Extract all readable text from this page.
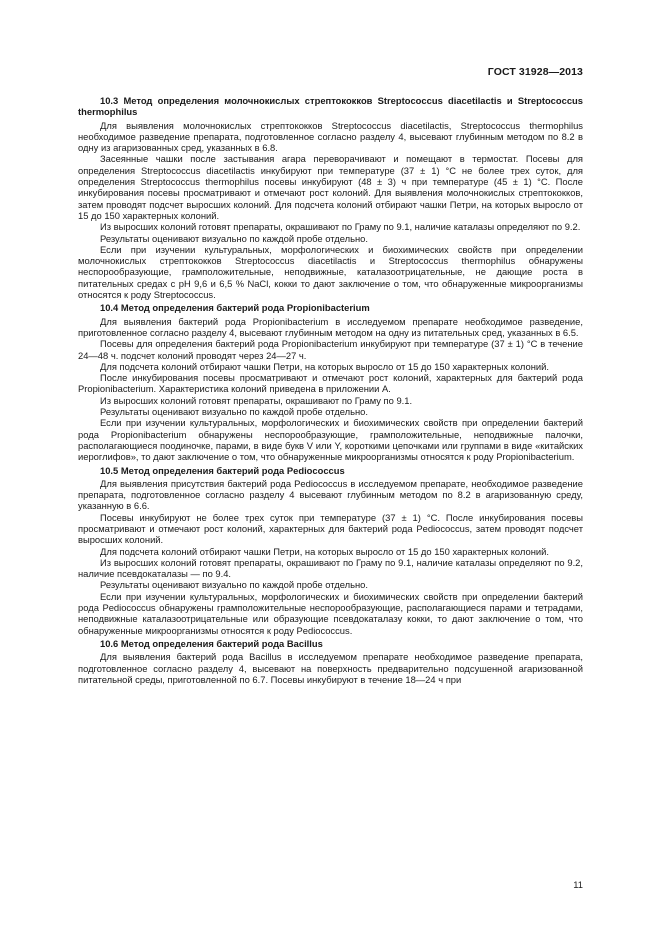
ГОСТ 31928—2013

10.3 Метод определения молочнокислых стрептококков Streptococcus diacetilactis и Streptococcus thermophilus

Для выявления молочнокислых стрептококков Streptococcus diacetilactis, Streptococcus thermophilus необходимое разведение препарата, подготовленное согласно разделу 4, высевают глубинным методом по 8.2 в одну из агаризованных сред, указанных в 6.8.

Засеянные чашки после застывания агара переворачивают и помещают в термостат. Посевы для определения Streptococcus diacetilactis инкубируют при температуре (37 ± 1) °С не более трех суток, для определения Streptococcus thermophilus посевы инкубируют (48 ± 3) ч при температуре (45 ± 1) °С. После инкубирования посевы просматривают и отмечают рост колоний. Для выявления молочнокислых стрептококков, затем проводят подсчет выросших колоний. Для подсчета колоний отбирают чашки Петри, на которых выросло от 15 до 150 характерных колоний.

Из выросших колоний готовят препараты, окрашивают по Граму по 9.1, наличие каталазы определяют по 9.2.

Результаты оценивают визуально по каждой пробе отдельно.

Если при изучении культуральных, морфологических и биохимических свойств при определении молочнокислых стрептококков Streptococcus diacetilactis и Streptococcus thermophilus обнаружены неспорообразующие, грамположительные, неподвижные, каталазоотрицательные, не дающие роста в питательных средах с pH 9,6 и 6,5 % NaCl, кокки то дают заключение о том, что обнаруженные микроорганизмы относятся к роду Streptococcus.

10.4 Метод определения бактерий рода Propionibacterium

Для выявления бактерий рода Propionibacterium в исследуемом препарате необходимое разведение, приготовленное согласно разделу 4, высевают глубинным методом на одну из питательных сред, указанных в 6.5.

Посевы для определения бактерий рода Propionibacterium инкубируют при температуре (37 ± 1) °С в течение 24—48 ч. подсчет колоний проводят через 24—27 ч.

Для подсчета колоний отбирают чашки Петри, на которых выросло от 15 до 150 характерных колоний.

После инкубирования посевы просматривают и отмечают рост колоний, характерных для бактерий рода Propionibacterium. Характеристика колоний приведена в приложении А.

Из выросших колоний готовят препараты, окрашивают по Граму по 9.1.

Результаты оценивают визуально по каждой пробе отдельно.

Если при изучении культуральных, морфологических и биохимических свойств при определении бактерий рода Propionibacterium обнаружены неспорообразующие, грамположительные, неподвижные палочки, располагающиеся поодиночке, парами, в виде букв V или Y, короткими цепочками или группами в виде «китайских иероглифов», то дают заключение о том, что обнаруженные микроорганизмы относятся к роду Propionibacterium.

10.5 Метод определения бактерий рода Pediococcus

Для выявления присутствия бактерий рода Pediococcus в исследуемом препарате, необходимое разведение препарата, подготовленное согласно разделу 4 высевают глубинным методом по 8.2 в агаризованную среду, указанную в 6.6.

Посевы инкубируют не более трех суток при температуре (37 ± 1) °С. После инкубирования посевы просматривают и отмечают рост колоний, характерных для бактерий рода Pediococcus, затем проводят подсчет выросших колоний.

Для подсчета колоний отбирают чашки Петри, на которых выросло от 15 до 150 характерных колоний.

Из выросших колоний готовят препараты, окрашивают по Граму по 9.1, наличие каталазы определяют по 9.2, наличие псевдокаталазы — по 9.4.

Результаты оценивают визуально по каждой пробе отдельно.

Если при изучении культуральных, морфологических и биохимических свойств при определении бактерий рода Pediococcus обнаружены грамположительные неспорообразующие, располагающиеся парами и тетрадами, неподвижные каталазоотрицательные или образующие псевдокаталазу кокки, то дают заключение о том, что обнаруженные микроорганизмы относятся к роду Pediococcus.

10.6 Метод определения бактерий рода Bacillus

Для выявления бактерий рода Bacillus в исследуемом препарате необходимое разведение препарата, подготовленное согласно разделу 4, высевают на поверхность предварительно подсушенной агаризованной питательной среды, приготовленной по 6.7. Посевы инкубируют в течение 18—24 ч при

11
